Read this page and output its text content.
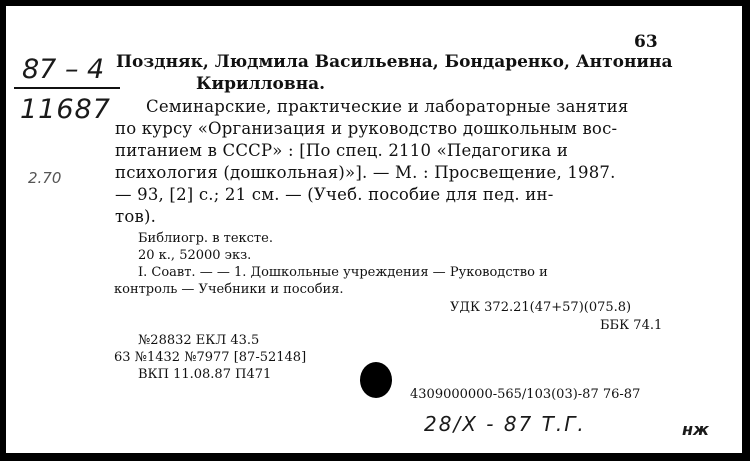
63
87 – 4
11687
2.70
Поздняк, Людмила Васильевна, Бондаренко, Антонина
Кирилловна.
Семинарские, практические и лабораторные занятия
по курсу «Организация и руководство дошкольным вос-
питанием в СССР» : [По спец. 2110 «Педагогика и
психология (дошкольная)»]. — М. : Просвещение, 1987.
— 93, [2] с.; 21 см. — (Учеб. пособие для пед. ин-
тов).
Библиогр. в тексте.
20 к., 52000 экз.
I. Соавт. — — 1. Дошкольные учреждения — Руководство и
контроль — Учебники и пособия.
УДК 372.21(47+57)(075.8)
ББК 74.1
№28832 ЕКЛ 43.5
63 №1432 №7977 [87-52148]
ВКП 11.08.87 П471
4309000000-565/103(03)-87 76-87
28/Х - 87 Т.Г.	нж
